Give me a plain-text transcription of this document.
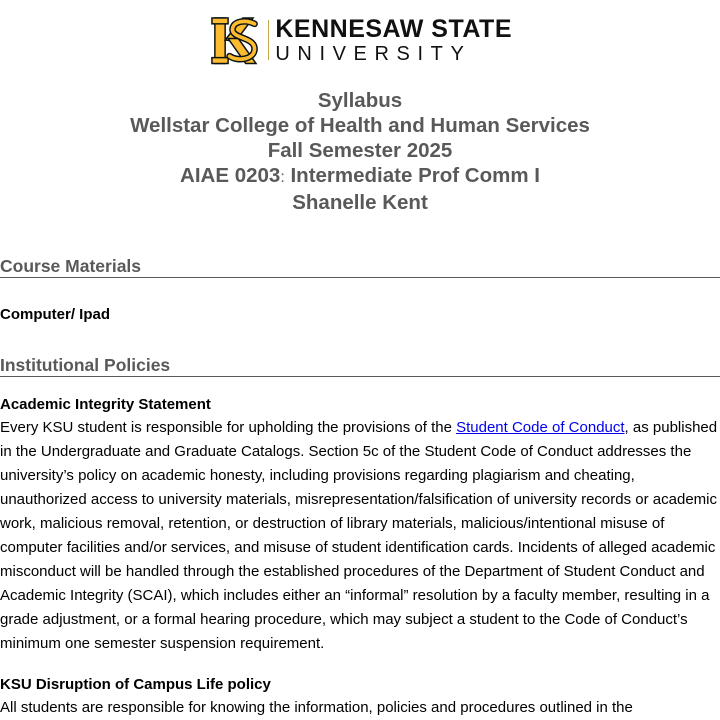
KENNESAW STATE
UNIVERSITY
Syllabus
Wellstar College of Health and Human Services
Fall Semester 2025
AIAE 0203: Intermediate Prof Comm I
Shanelle Kent
Course Materials
Computer/ Ipad
Institutional Policies
Academic Integrity Statement
Every KSU student is responsible for upholding the provisions of the Student Code of Conduct, as published in the Undergraduate and Graduate Catalogs. Section 5c of the Student Code of Conduct addresses the university’s policy on academic honesty, including provisions regarding plagiarism and cheating, unauthorized access to university materials, misrepresentation/falsification of university records or academic work, malicious removal, retention, or destruction of library materials, malicious/intentional misuse of computer facilities and/or services, and misuse of student identification cards. Incidents of alleged academic misconduct will be handled through the established procedures of the Department of Student Conduct and Academic Integrity (SCAI), which includes either an “informal” resolution by a faculty member, resulting in a grade adjustment, or a formal hearing procedure, which may subject a student to the Code of Conduct’s minimum one semester suspension requirement.
KSU Disruption of Campus Life policy
All students are responsible for knowing the information, policies and procedures outlined in the
